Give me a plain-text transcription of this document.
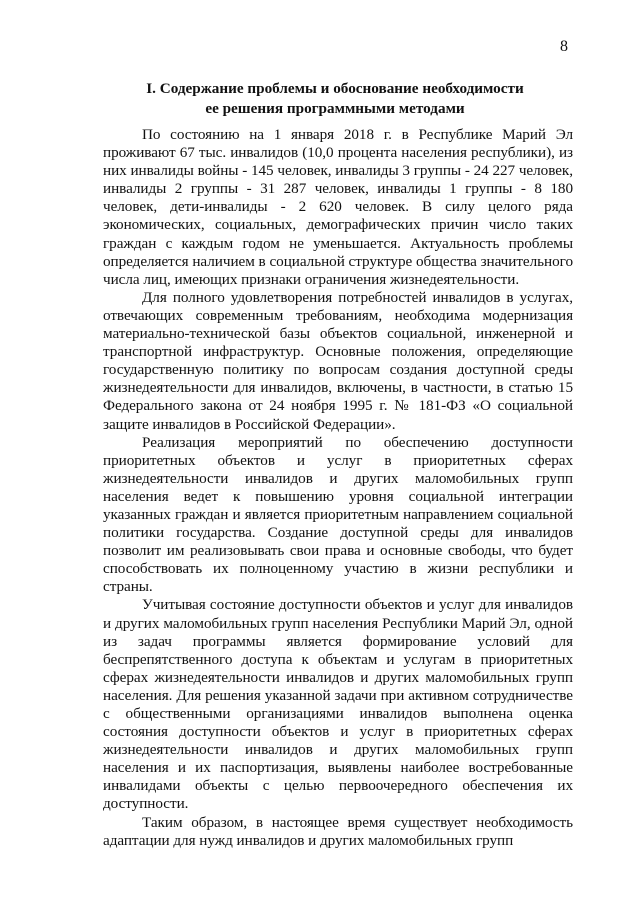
8
I. Содержание проблемы и обоснование необходимости
ее решения программными методами

По состоянию на 1 января 2018 г. в Республике Марий Эл проживают 67 тыс. инвалидов (10,0 процента населения республики), из них инвалиды войны - 145 человек, инвалиды 3 группы - 24 227 человек, инвалиды 2 группы - 31 287 человек, инвалиды 1 группы - 8 180 человек, дети-инвалиды - 2 620 человек. В силу целого ряда экономических, социальных, демографических причин число таких граждан с каждым годом не уменьшается. Актуальность проблемы определяется наличием в социальной структуре общества значительного числа лиц, имеющих признаки ограничения жизнедеятельности.

Для полного удовлетворения потребностей инвалидов в услугах, отвечающих современным требованиям, необходима модернизация материально-технической базы объектов социальной, инженерной и транспортной инфраструктур. Основные положения, определяющие государственную политику по вопросам создания доступной среды жизнедеятельности для инвалидов, включены, в частности, в статью 15 Федерального закона от 24 ноября 1995 г. № 181-ФЗ «О социальной защите инвалидов в Российской Федерации».

Реализация мероприятий по обеспечению доступности приоритетных объектов и услуг в приоритетных сферах жизнедеятельности инвалидов и других маломобильных групп населения ведет к повышению уровня социальной интеграции указанных граждан и является приоритетным направлением социальной политики государства. Создание доступной среды для инвалидов позволит им реализовывать свои права и основные свободы, что будет способствовать их полноценному участию в жизни республики и страны.

Учитывая состояние доступности объектов и услуг для инвалидов и других маломобильных групп населения Республики Марий Эл, одной из задач программы является формирование условий для беспрепятственного доступа к объектам и услугам в приоритетных сферах жизнедеятельности инвалидов и других маломобильных групп населения. Для решения указанной задачи при активном сотрудничестве с общественными организациями инвалидов выполнена оценка состояния доступности объектов и услуг в приоритетных сферах жизнедеятельности инвалидов и других маломобильных групп населения и их паспортизация, выявлены наиболее востребованные инвалидами объекты с целью первоочередного обеспечения их доступности.

Таким образом, в настоящее время существует необходимость адаптации для нужд инвалидов и других маломобильных групп
